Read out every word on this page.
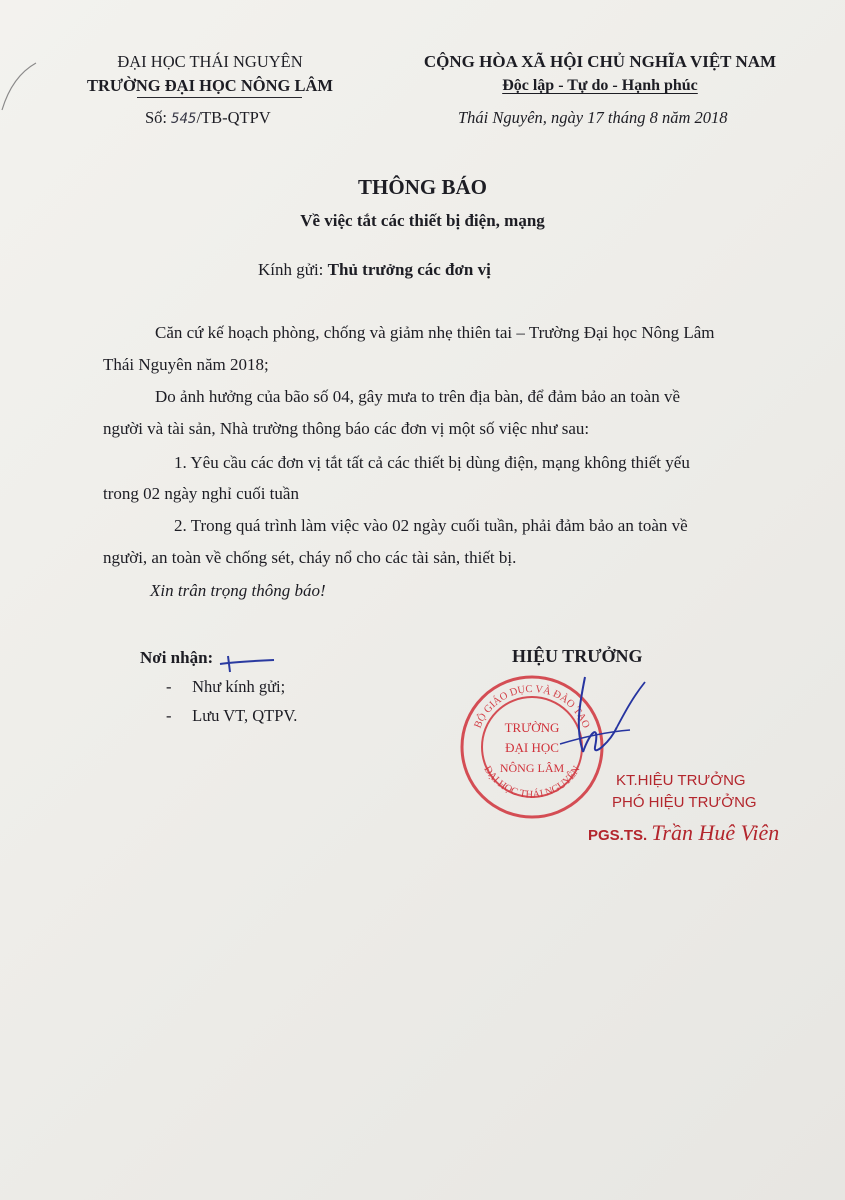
ĐẠI HỌC THÁI NGUYÊN
TRƯỜNG ĐẠI HỌC NÔNG LÂM
Số: 545/TB-QTPV
CỘNG HÒA XÃ HỘI CHỦ NGHĨA VIỆT NAM
Độc lập - Tự do - Hạnh phúc
Thái Nguyên, ngày 17 tháng 8 năm 2018
THÔNG BÁO
Về việc tắt các thiết bị điện, mạng
Kính gửi: Thủ trưởng các đơn vị
Căn cứ kế hoạch phòng, chống và giảm nhẹ thiên tai – Trường Đại học Nông Lâm
Thái Nguyên năm 2018;
Do ảnh hưởng của bão số 04, gây mưa to trên địa bàn, để đảm bảo an toàn về
người và tài sản, Nhà trường thông báo các đơn vị một số việc như sau:
1. Yêu cầu các đơn vị tắt tất cả các thiết bị dùng điện, mạng không thiết yếu
trong 02 ngày nghỉ cuối tuần
2. Trong quá trình làm việc vào 02 ngày cuối tuần, phải đảm bảo an toàn về
người, an toàn về chống sét, cháy nổ cho các tài sản, thiết bị.
Xin trân trọng thông báo!
Nơi nhận:
-     Như kính gửi;
-     Lưu VT, QTPV.
HIỆU TRƯỞNG
BỘ GIÁO DỤC VÀ ĐÀO TẠO
ĐẠI HỌC THÁI NGUYÊN
TRƯỜNG
ĐẠI HỌC
NÔNG LÂM
KT.HIỆU TRƯỞNG
PHÓ HIỆU TRƯỞNG
PGS.TS. Trần Huê Viên
